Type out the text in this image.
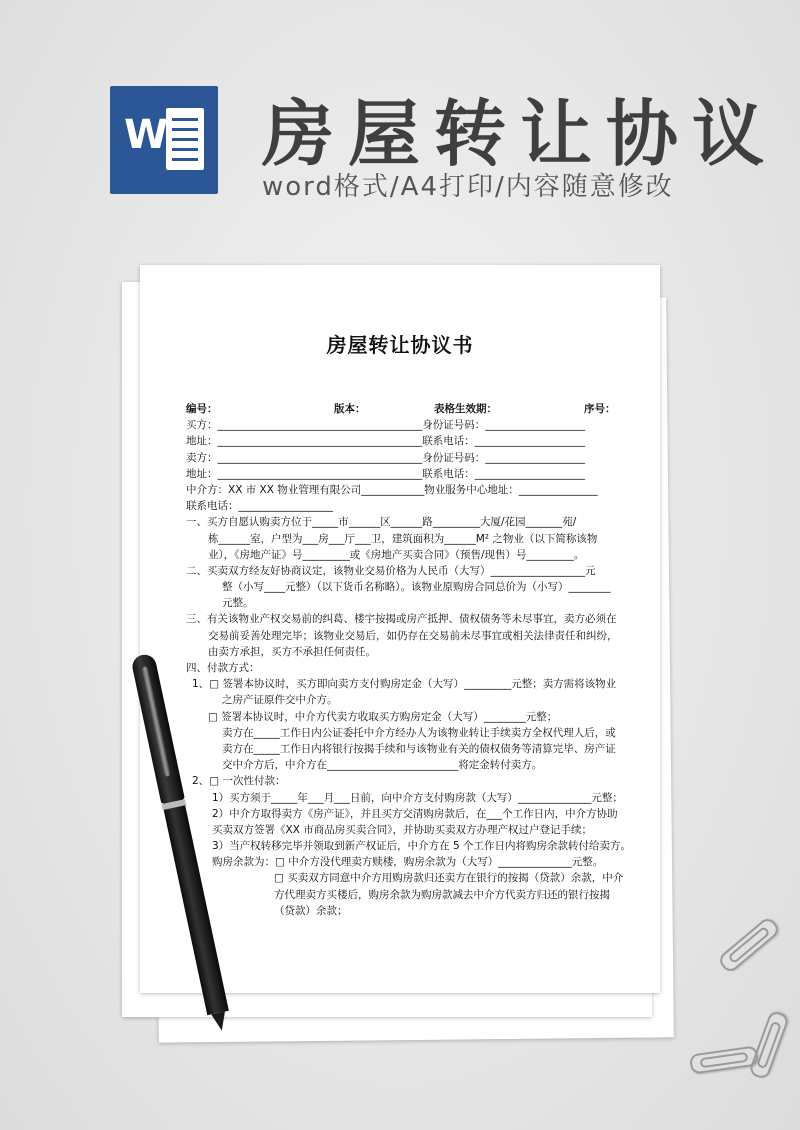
W 房屋转让协议
word格式/A4打印/内容随意修改
房屋转让协议书
编号：	版本：	表格生效期：	序号：
买方：_______________________________________身份证号码：___________________
地址：_______________________________________联系电话：_____________________
卖方：_______________________________________身份证号码：___________________
地址：_______________________________________联系电话：_____________________
中介方：XX 市 XX 物业管理有限公司____________物业服务中心地址：_______________
联系电话：__________________
一、买方自愿认购卖方位于_____市______区______路_________大厦/花园_______苑/
栋______室，户型为___房___厅___卫，建筑面积为______M² 之物业（以下简称该物
业），《房地产证》号_________或《房地产买卖合同》（预售/现售）号_________。
二、买卖双方经友好协商议定，该物业交易价格为人民币（大写）__________________元
整（小写____元整）（以下货币名称略）。该物业原购房合同总价为（小写）________
元整。
三、有关该物业产权交易前的纠葛、楼宇按揭或房产抵押、债权债务等未尽事宜，卖方必须在
交易前妥善处理完毕；该物业交易后，如仍存在交易前未尽事宜或相关法律责任和纠纷，
由卖方承担，买方不承担任何责任。
四、付款方式：
1、□ 签署本协议时，买方即向卖方支付购房定金（大写）_________元整；卖方需将该物业
之房产证原件交中介方。
□ 签署本协议时，中介方代卖方收取买方购房定金（大写）________元整；
卖方在_____工作日内公证委托中介方经办人为该物业转让手续卖方全权代理人后，或
卖方在_____工作日内将银行按揭手续和与该物业有关的债权债务等清算完毕、房产证
交中介方后，中介方在_________________________将定金转付卖方。
2、□ 一次性付款：
1）买方须于_____年___月___日前，向中介方支付购房款（大写）______________元整；
2）中介方取得卖方《房产证》，并且买方交清购房款后，在___个工作日内，中介方协助
买卖双方签署《XX 市商品房买卖合同》，并协助买卖双方办理产权过户登记手续；
3）当产权转移完毕并领取到新产权证后，中介方在 5 个工作日内将购房余款转付给卖方。
购房余款为：□ 中介方没代理卖方赎楼，购房余款为（大写）______________元整。
□ 买卖双方同意中介方用购房款归还卖方在银行的按揭（贷款）余款，中介
方代理卖方买楼后，购房余款为购房款减去中介方代卖方归还的银行按揭
（贷款）余款；
